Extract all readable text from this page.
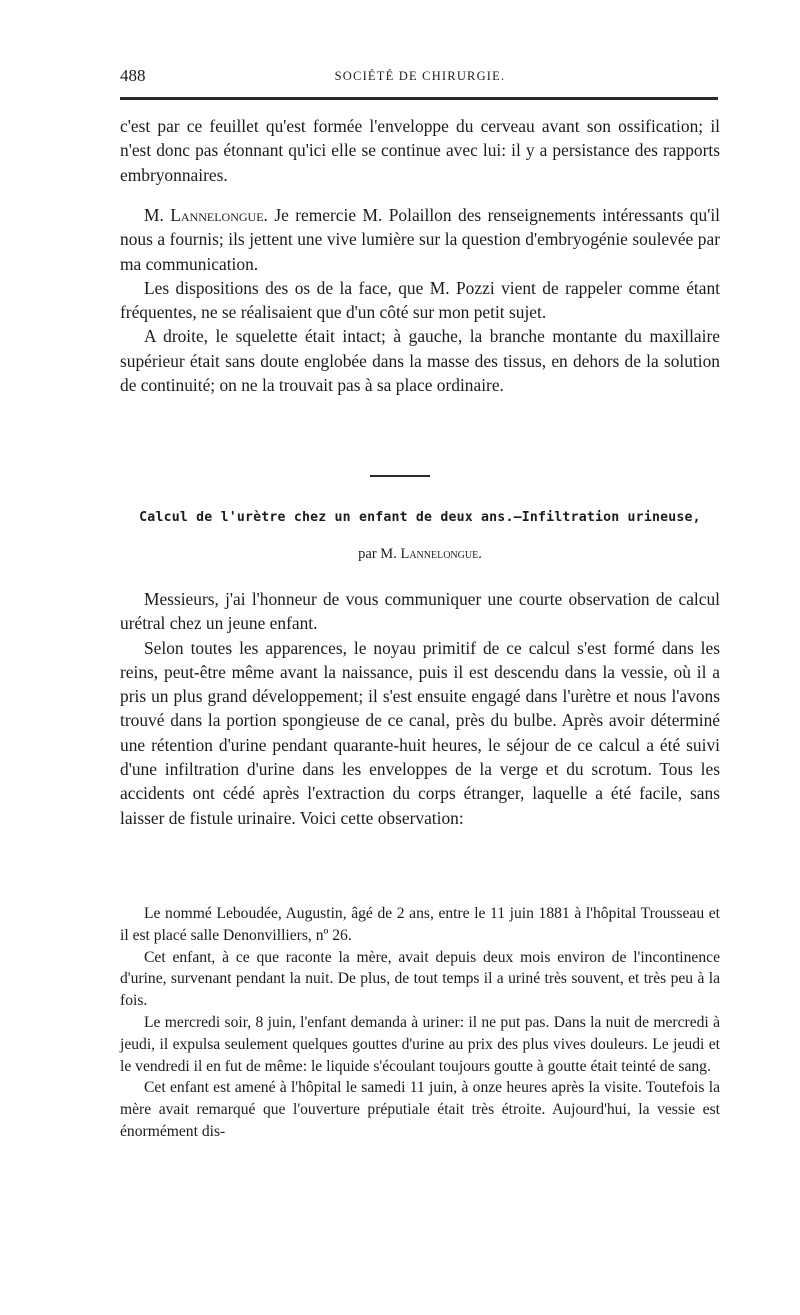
488	SOCIÉTÉ DE CHIRURGIE.

c'est par ce feuillet qu'est formée l'enveloppe du cerveau avant son ossification; il n'est donc pas étonnant qu'ici elle se continue avec lui: il y a persistance des rapports embryonnaires.

M. Lannelongue. Je remercie M. Polaillon des renseignements intéressants qu'il nous a fournis; ils jettent une vive lumière sur la question d'embryogénie soulevée par ma communication.

Les dispositions des os de la face, que M. Pozzi vient de rappeler comme étant fréquentes, ne se réalisaient que d'un côté sur mon petit sujet.

A droite, le squelette était intact; à gauche, la branche montante du maxillaire supérieur était sans doute englobée dans la masse des tissus, en dehors de la solution de continuité; on ne la trouvait pas à sa place ordinaire.

Calcul de l'urètre chez un enfant de deux ans.—Infiltration urineuse,
par M. Lannelongue.

Messieurs, j'ai l'honneur de vous communiquer une courte observation de calcul urétral chez un jeune enfant.

Selon toutes les apparences, le noyau primitif de ce calcul s'est formé dans les reins, peut-être même avant la naissance, puis il est descendu dans la vessie, où il a pris un plus grand développement; il s'est ensuite engagé dans l'urètre et nous l'avons trouvé dans la portion spongieuse de ce canal, près du bulbe. Après avoir déterminé une rétention d'urine pendant quarante-huit heures, le séjour de ce calcul a été suivi d'une infiltration d'urine dans les enveloppes de la verge et du scrotum. Tous les accidents ont cédé après l'extraction du corps étranger, laquelle a été facile, sans laisser de fistule urinaire. Voici cette observation:

Le nommé Leboudée, Augustin, âgé de 2 ans, entre le 11 juin 1881 à l'hôpital Trousseau et il est placé salle Denonvilliers, nº 26.

Cet enfant, à ce que raconte la mère, avait depuis deux mois environ de l'incontinence d'urine, survenant pendant la nuit. De plus, de tout temps il a uriné très souvent, et très peu à la fois.

Le mercredi soir, 8 juin, l'enfant demanda à uriner: il ne put pas. Dans la nuit de mercredi à jeudi, il expulsa seulement quelques gouttes d'urine au prix des plus vives douleurs. Le jeudi et le vendredi il en fut de même: le liquide s'écoulant toujours goutte à goutte était teinté de sang.

Cet enfant est amené à l'hôpital le samedi 11 juin, à onze heures après la visite. Toutefois la mère avait remarqué que l'ouverture préputiale était très étroite. Aujourd'hui, la vessie est énormément dis-
